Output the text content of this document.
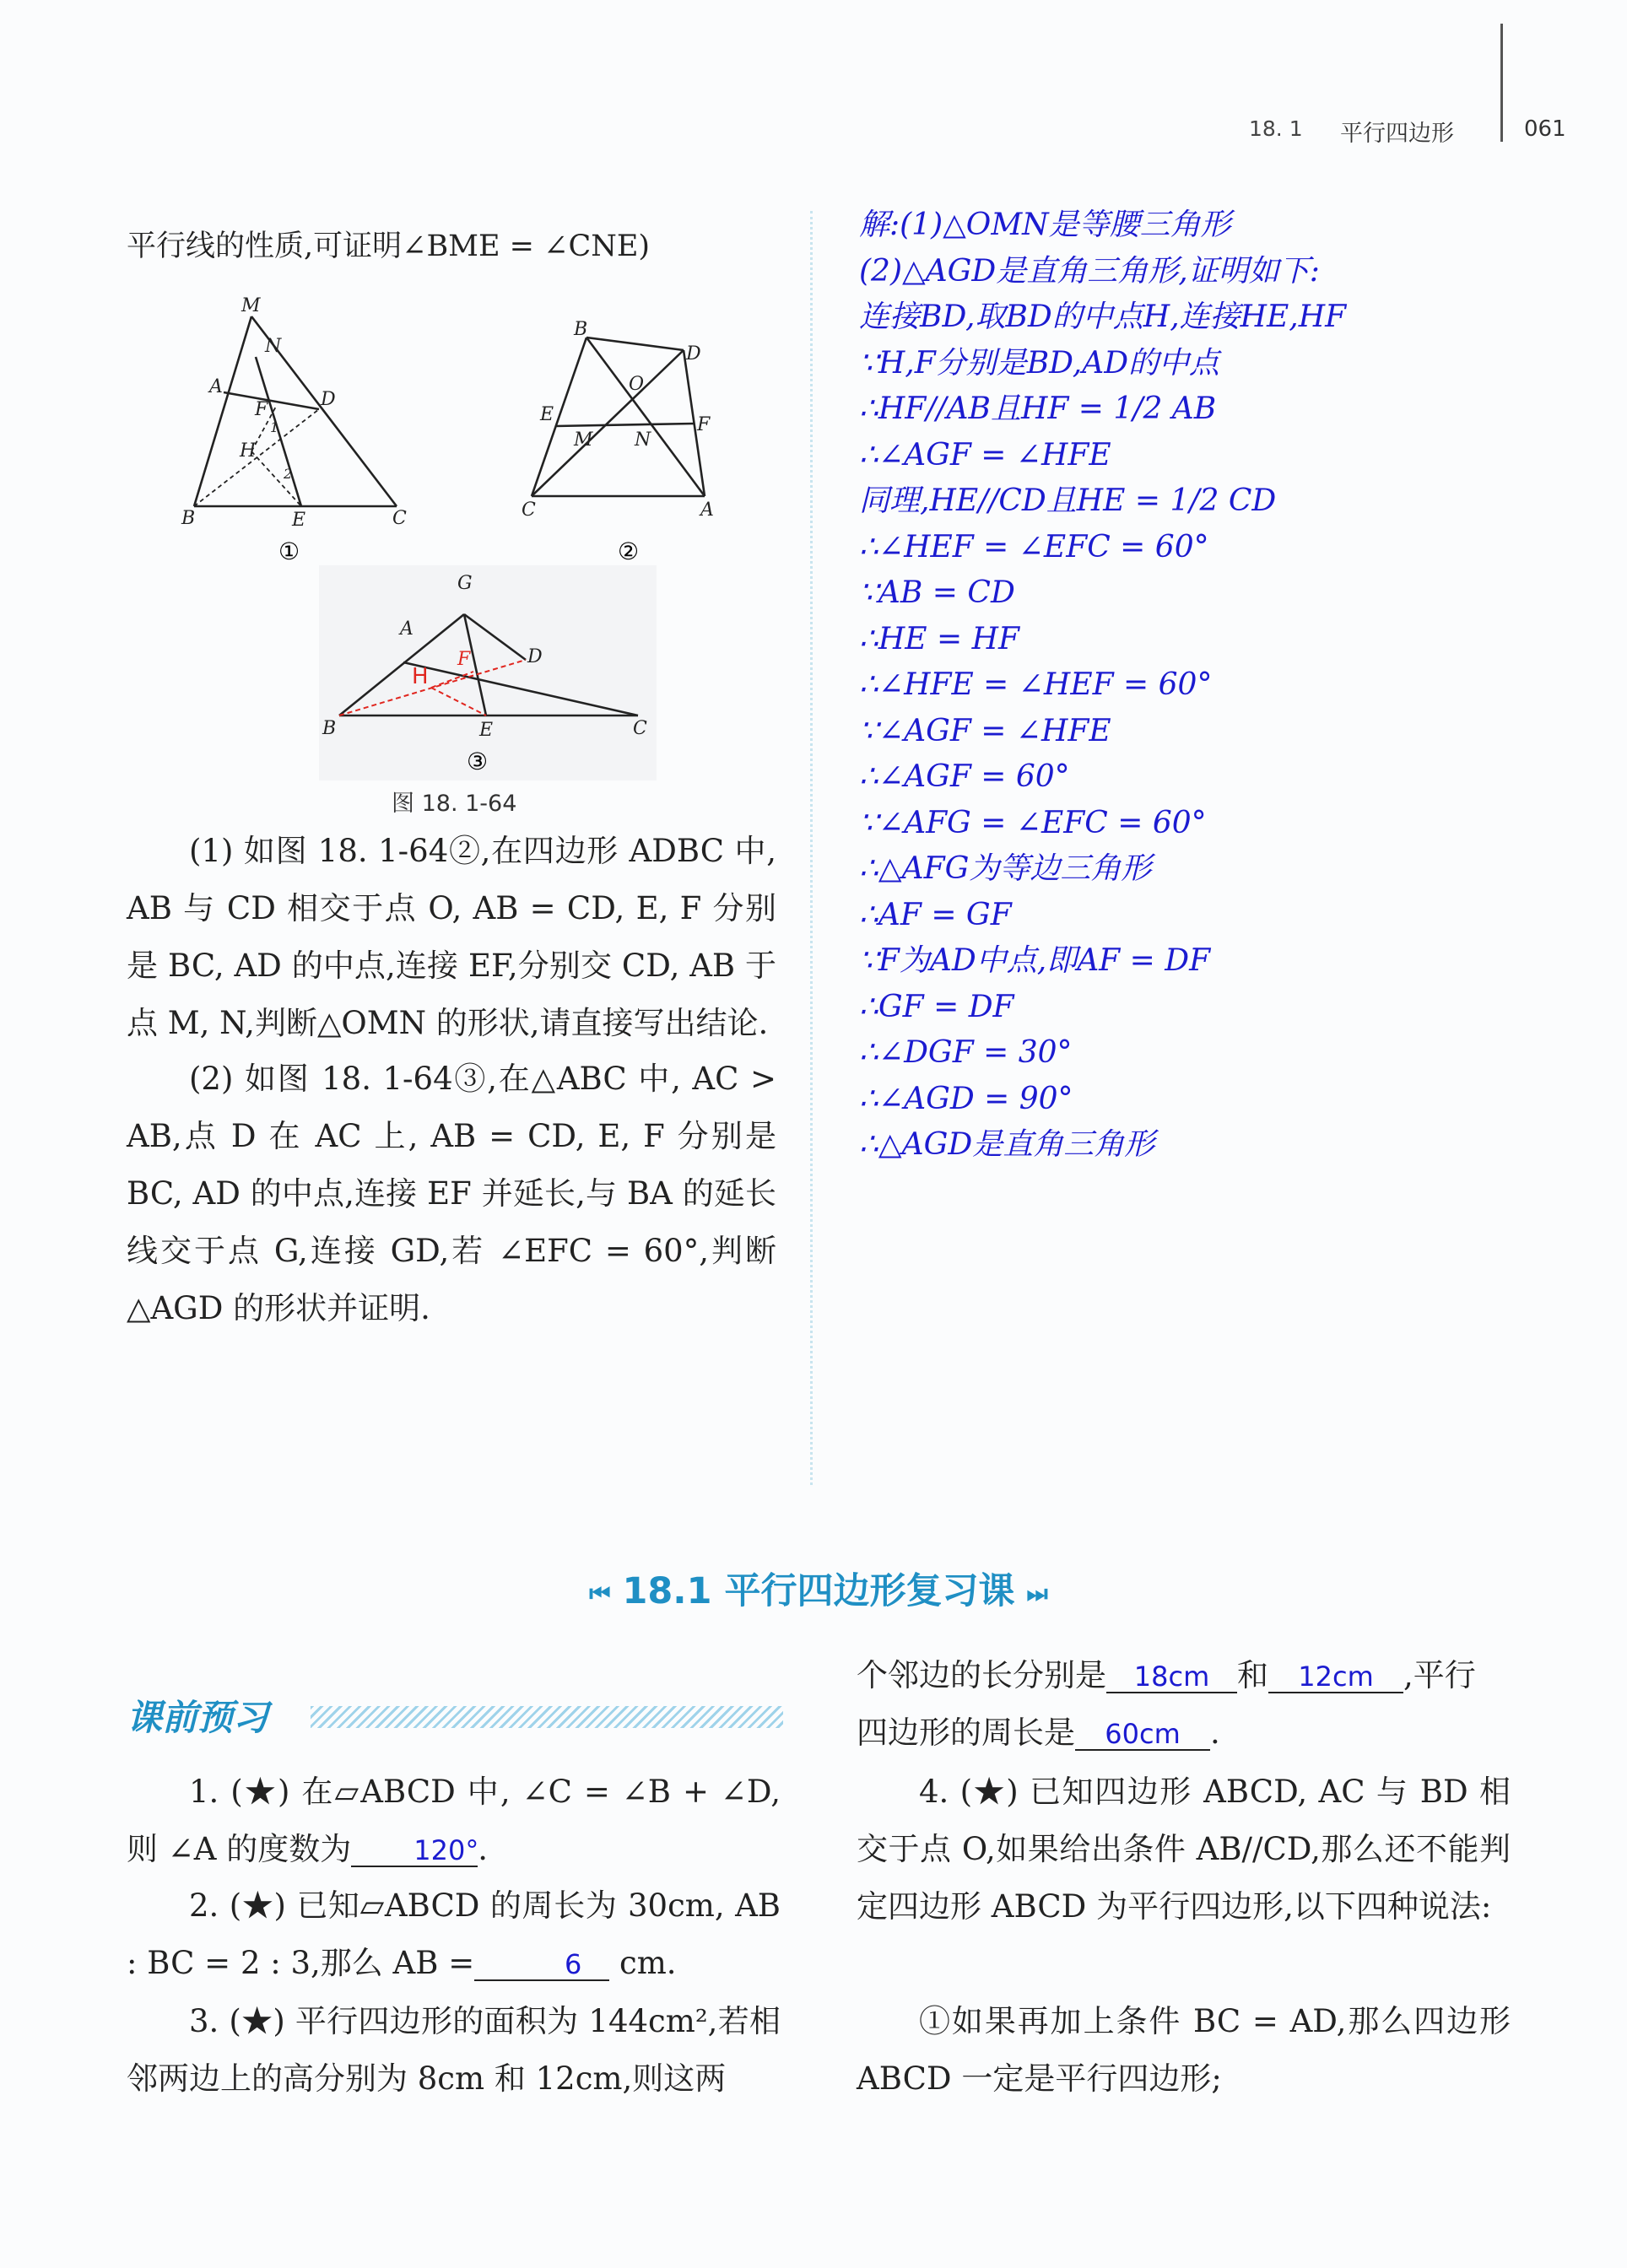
18. 1 平行四边形	061
平行线的性质,可证明∠BME = ∠CNE)
M
N
A
D
F
H
B	E	C
1
2
①
B
D
O
E
M N
F
C	A
②
G
A
D
B	E	C
F
H
③
图 18. 1-64

(1) 如图 18. 1-64②,在四边形 ADBC 中, AB 与 CD 相交于点 O, AB = CD, E, F 分别是 BC, AD 的中点,连接 EF,分别交 CD, AB 于点 M, N,判断△OMN 的形状,请直接写出结论.

(2) 如图 18. 1-64③,在△ABC 中, AC > AB,点 D 在 AC 上, AB = CD, E, F 分别是 BC, AD 的中点,连接 EF 并延长,与 BA 的延长线交于点 G,连接 GD,若 ∠EFC = 60°,判断△AGD 的形状并证明.

解:(1)△OMN是等腰三角形
(2)△AGD是直角三角形,证明如下:
连接BD,取BD的中点H,连接HE,HF
∵H,F分别是BD,AD的中点
∴HF//AB且HF = 1/2 AB
∴∠AGF = ∠HFE
同理,HE//CD且HE = 1/2 CD
∴∠HEF = ∠EFC = 60°
∵AB = CD
∴HE = HF
∴∠HFE = ∠HEF = 60°
∵∠AGF = ∠HFE
∴∠AGF = 60°
∵∠AFG = ∠EFC = 60°
∴△AFG为等边三角形
∴AF = GF
∵F为AD中点,即AF = DF
∴GF = DF
∴∠DGF = 30°
∴∠AGD = 90°
∴△AGD是直角三角形
⏮ 18.1 平行四边形复习课 ⏭
课前预习

1. (★) 在▱ABCD 中, ∠C = ∠B + ∠D,则 ∠A 的度数为 120°.

2. (★) 已知▱ABCD 的周长为 30cm, AB : BC = 2 : 3,那么 AB =	6 cm.

3. (★) 平行四边形的面积为 144cm²,若相邻两边上的高分别为 8cm 和 12cm,则这两

个邻边的长分别是 18cm 和 12cm ,平行
四边形的周长是 60cm .

4. (★) 已知四边形 ABCD, AC 与 BD 相交于点 O,如果给出条件 AB//CD,那么还不能判定四边形 ABCD 为平行四边形,以下四种说法:

①如果再加上条件 BC = AD,那么四边形 ABCD 一定是平行四边形;
